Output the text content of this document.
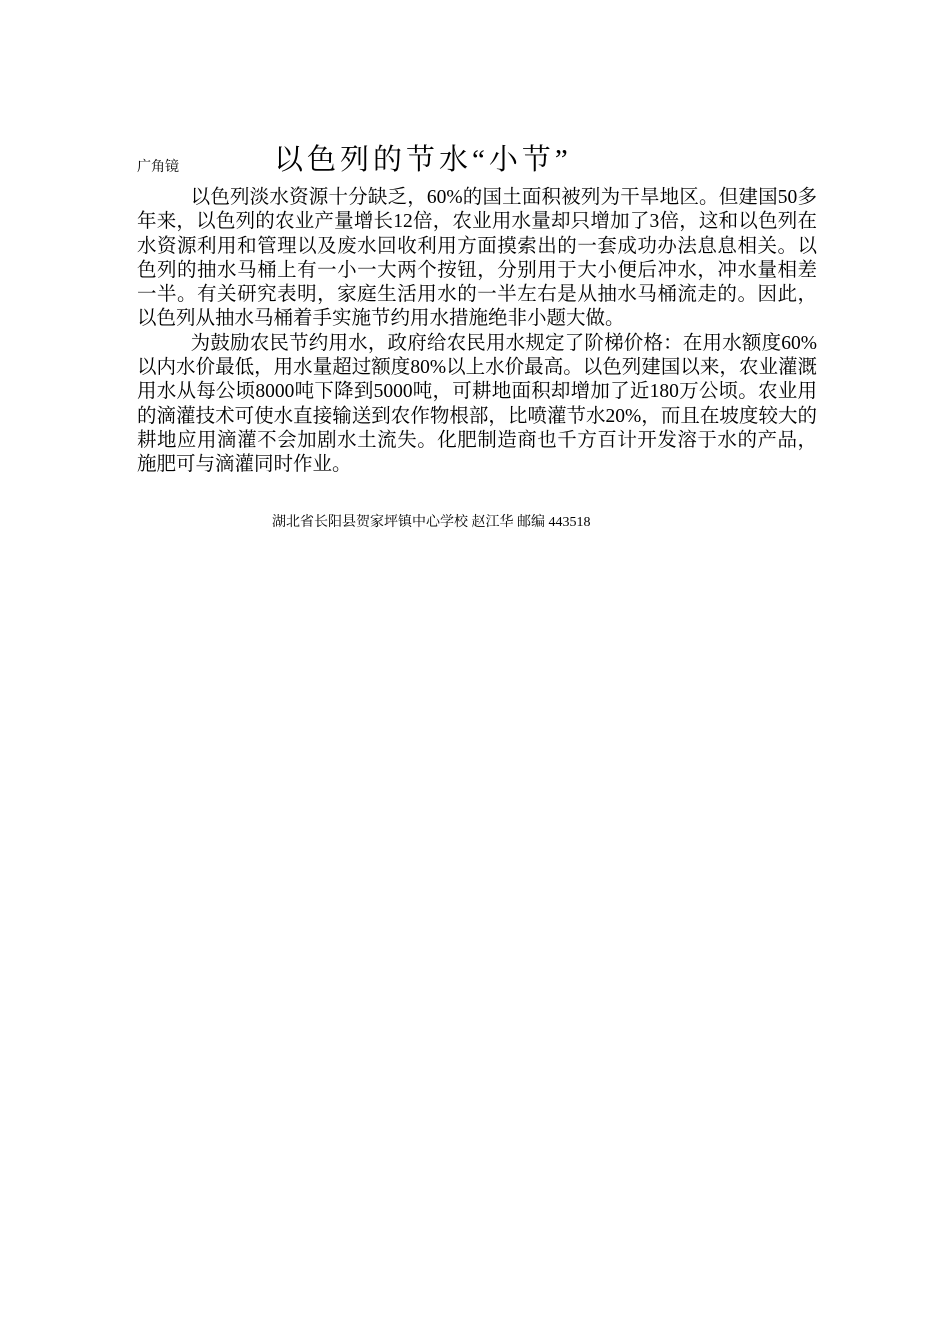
广角镜	以色列的节水“小节”

以色列淡水资源十分缺乏，60%的国土面积被列为干旱地区。但建国50多年来，以色列的农业产量增长12倍，农业用水量却只增加了3倍，这和以色列在水资源利用和管理以及废水回收利用方面摸索出的一套成功办法息息相关。以色列的抽水马桶上有一小一大两个按钮，分别用于大小便后冲水，冲水量相差一半。有关研究表明，家庭生活用水的一半左右是从抽水马桶流走的。因此，以色列从抽水马桶着手实施节约用水措施绝非小题大做。

为鼓励农民节约用水，政府给农民用水规定了阶梯价格：在用水额度60%以内水价最低，用水量超过额度80%以上水价最高。以色列建国以来，农业灌溉用水从每公顷8000吨下降到5000吨，可耕地面积却增加了近180万公顷。农业用的滴灌技术可使水直接输送到农作物根部，比喷灌节水20%，而且在坡度较大的耕地应用滴灌不会加剧水土流失。化肥制造商也千方百计开发溶于水的产品，施肥可与滴灌同时作业。

湖北省长阳县贺家坪镇中心学校 赵江华 邮编 443518
